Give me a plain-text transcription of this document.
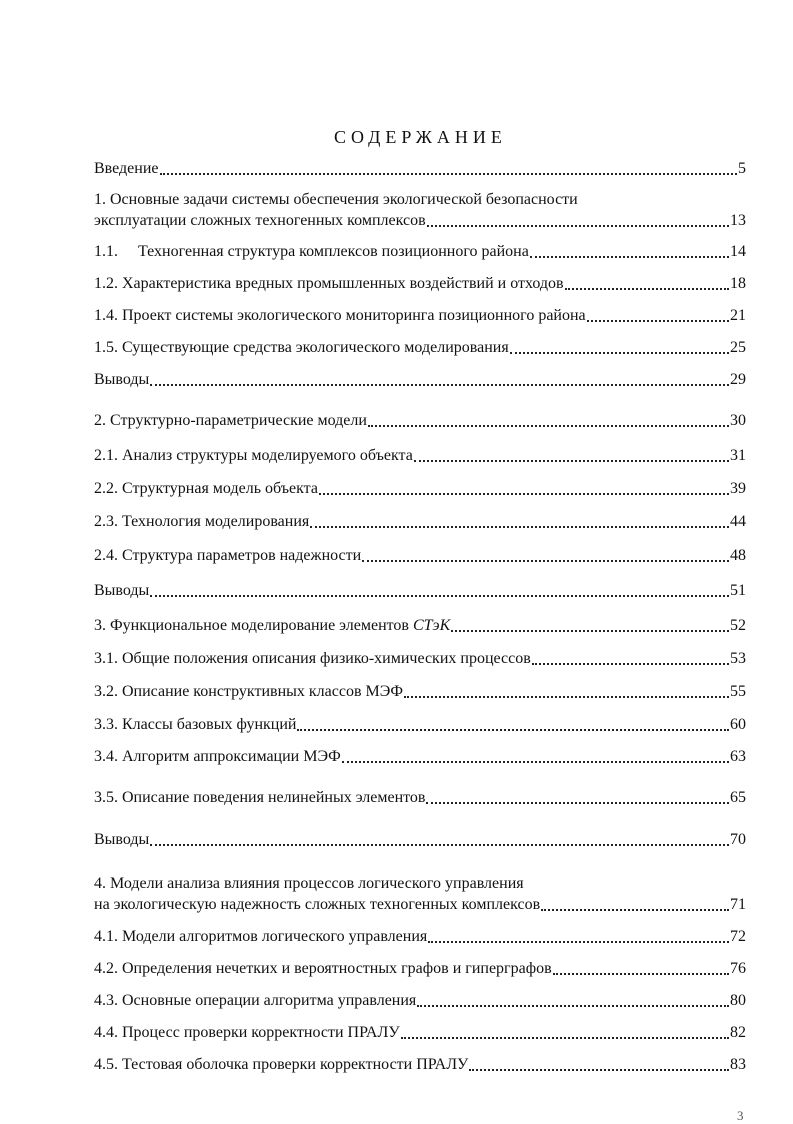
СОДЕРЖАНИЕ
Введение	5
1. Основные задачи системы обеспечения экологической безопасности
эксплуатации сложных техногенных комплексов	13
1.1. Техногенная структура комплексов позиционного района	14
1.2. Характеристика вредных промышленных воздействий и отходов	18
1.4. Проект системы экологического мониторинга позиционного района	21
1.5. Существующие средства экологического моделирования	25
Выводы	29
2. Структурно-параметрические модели	30
2.1. Анализ структуры моделируемого объекта	31
2.2. Структурная модель объекта	39
2.3. Технология моделирования	44
2.4. Структура параметров надежности	48
Выводы	51
3. Функциональное моделирование элементов СТэК	52
3.1. Общие положения описания физико-химических процессов	53
3.2. Описание конструктивных классов МЭФ	55
3.3. Классы базовых функций	60
3.4. Алгоритм аппроксимации МЭФ	63
3.5. Описание поведения нелинейных элементов	65
Выводы	70
4. Модели анализа влияния процессов логического управления
на экологическую надежность сложных техногенных комплексов	71
4.1. Модели алгоритмов логического управления	72
4.2. Определения нечетких и вероятностных графов и гиперграфов	76
4.3. Основные операции алгоритма управления	80
4.4. Процесс проверки корректности ПРАЛУ	82
4.5. Тестовая оболочка проверки корректности ПРАЛУ	83
3
